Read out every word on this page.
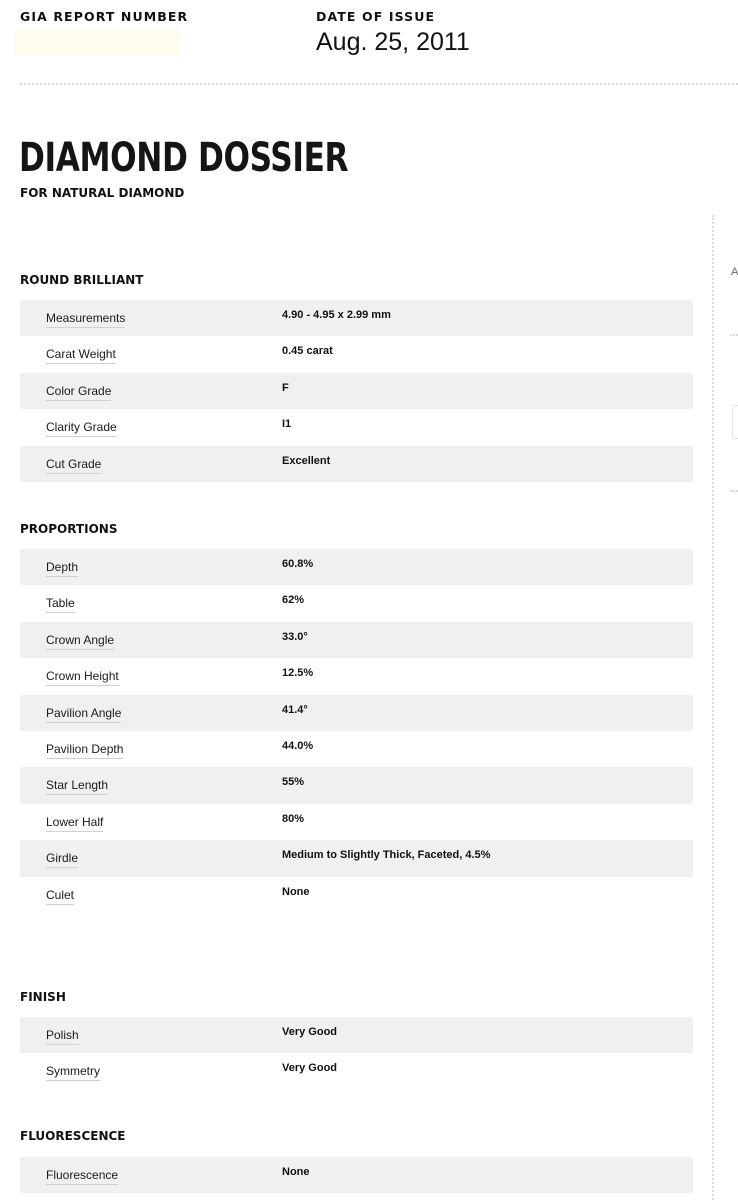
GIA REPORT NUMBER	DATE OF ISSUE
Aug. 25, 2011
A
DIAMOND DOSSIER
FOR NATURAL DIAMOND
ROUND BRILLIANT
Measurements	4.90 - 4.95 x 2.99 mm
Carat Weight	0.45 carat
Color Grade	F
Clarity Grade	I1
Cut Grade	Excellent
PROPORTIONS
Depth	60.8%
Table	62%
Crown Angle	33.0°
Crown Height	12.5%
Pavilion Angle	41.4°
Pavilion Depth	44.0%
Star Length	55%
Lower Half	80%
Girdle	Medium to Slightly Thick, Faceted, 4.5%
Culet	None
FINISH
Polish	Very Good
Symmetry	Very Good
FLUORESCENCE
Fluorescence	None
